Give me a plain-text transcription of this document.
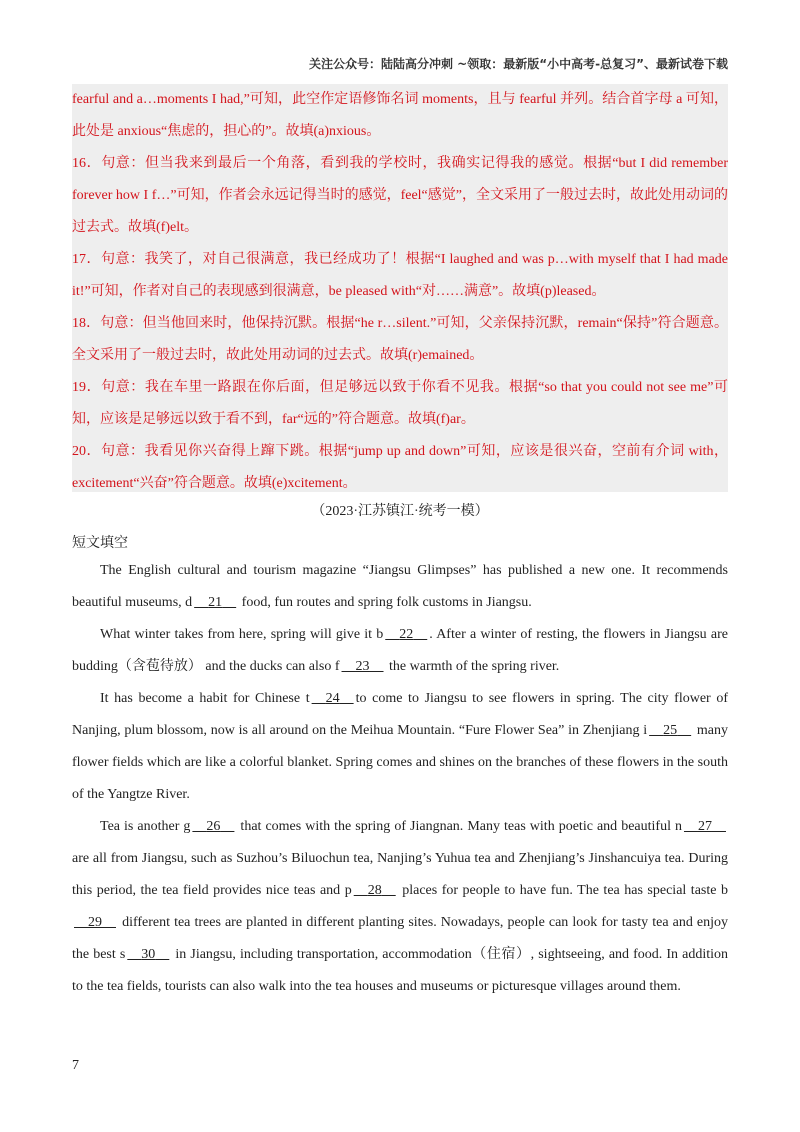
关注公众号：陆陆高分冲刺 ~领取：最新版“小中高考-总复习”、最新试卷下载

fearful and a…moments I had,”可知，此空作定语修饰名词 moments，且与 fearful 并列。结合首字母 a 可知，此处是 anxious“焦虑的，担心的”。故填(a)nxious。

16．句意：但当我来到最后一个角落，看到我的学校时，我确实记得我的感觉。根据“but I did remember forever how I f…”可知，作者会永远记得当时的感觉，feel“感觉”，全文采用了一般过去时，故此处用动词的过去式。故填(f)elt。

17．句意：我笑了，对自己很满意，我已经成功了！根据“I laughed and was p…with myself that I had made it!”可知，作者对自己的表现感到很满意，be pleased with“对……满意”。故填(p)leased。

18．句意：但当他回来时，他保持沉默。根据“he r…silent.”可知，父亲保持沉默，remain“保持”符合题意。全文采用了一般过去时，故此处用动词的过去式。故填(r)emained。

19．句意：我在车里一路跟在你后面，但足够远以致于你看不见我。根据“so that you could not see me”可知，应该是足够远以致于看不到，far“远的”符合题意。故填(f)ar。

20．句意：我看见你兴奋得上蹿下跳。根据“jump up and down”可知，应该是很兴奋，空前有介词 with，excitement“兴奋”符合题意。故填(e)xcitement。

（2023·江苏镇江·统考一模）
短文填空

The English cultural and tourism magazine “Jiangsu Glimpses” has published a new one. It recommends beautiful museums, d 21     food, fun routes and spring folk customs in Jiangsu.

What winter takes from here, spring will give it b 22 . After a winter of resting, the flowers in Jiangsu are budding（含苞待放） and the ducks can also f 23     the warmth of the spring river.

It has become a habit for Chinese t 24 to come to Jiangsu to see flowers in spring. The city flower of Nanjing, plum blossom, now is all around on the Meihua Mountain. “Fure Flower Sea” in Zhenjiang i 25     many flower fields which are like a colorful blanket. Spring comes and shines on the branches of these flowers in the south of the Yangtze River.

Tea is another g 26     that comes with the spring of Jiangnan. Many teas with poetic and beautiful n 27     are all from Jiangsu, such as Suzhou’s Biluochun tea, Nanjing’s Yuhua tea and Zhenjiang’s Jinshancuiya tea. During this period, the tea field provides nice teas and p 28     places for people to have fun. The tea has special taste b    29     different tea trees are planted in different planting sites. Nowadays, people can look for tasty tea and enjoy the best s 30     in Jiangsu, including transportation, accommodation（住宿）, sightseeing, and food. In addition to the tea fields, tourists can also walk into the tea houses and museums or picturesque villages around them.

7
